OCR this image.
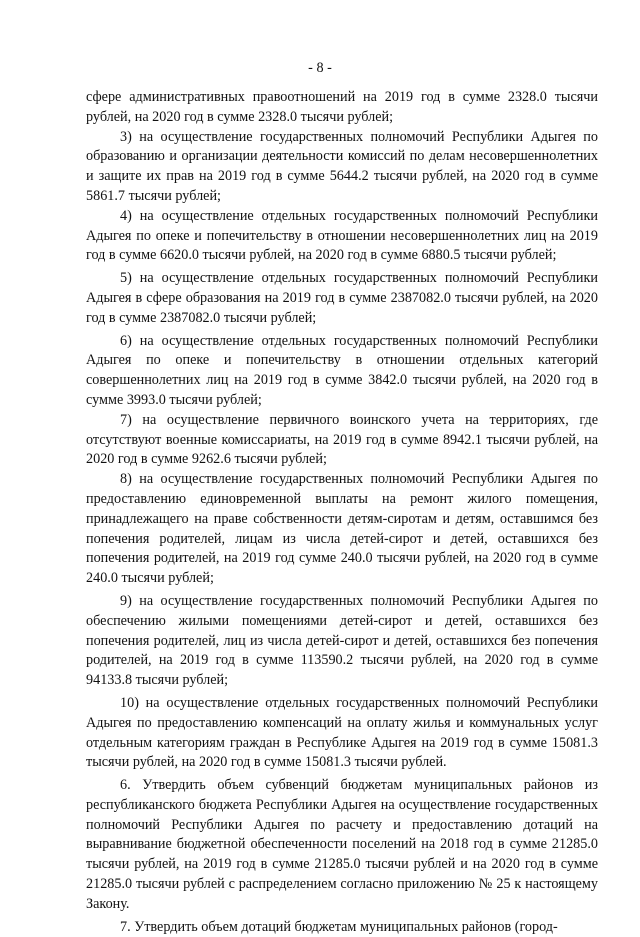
- 8 -

сфере административных правоотношений на 2019 год в сумме 2328.0 тысячи рублей, на 2020 год в сумме 2328.0 тысячи рублей;

3) на осуществление государственных полномочий Республики Адыгея по образованию и организации деятельности комиссий по делам несовершеннолетних и защите их прав на 2019 год в сумме 5644.2 тысячи рублей, на 2020 год в сумме 5861.7 тысячи рублей;

4) на осуществление отдельных государственных полномочий Республики Адыгея по опеке и попечительству в отношении несовершеннолетних лиц на 2019 год в сумме 6620.0 тысячи рублей, на 2020 год в сумме 6880.5 тысячи рублей;

5) на осуществление отдельных государственных полномочий Республики Адыгея в сфере образования на 2019 год в сумме 2387082.0 тысячи рублей, на 2020 год в сумме 2387082.0 тысячи рублей;

6) на осуществление отдельных государственных полномочий Республики Адыгея по опеке и попечительству в отношении отдельных категорий совершеннолетних лиц на 2019 год в сумме 3842.0 тысячи рублей, на 2020 год в сумме 3993.0 тысячи рублей;

7) на осуществление первичного воинского учета на территориях, где отсутствуют военные комиссариаты, на 2019 год в сумме 8942.1 тысячи рублей, на 2020 год в сумме 9262.6 тысячи рублей;

8) на осуществление государственных полномочий Республики Адыгея по предоставлению единовременной выплаты на ремонт жилого помещения, принадлежащего на праве собственности детям-сиротам и детям, оставшимся без попечения родителей, лицам из числа детей-сирот и детей, оставшихся без попечения родителей, на 2019 год сумме 240.0 тысячи рублей, на 2020 год в сумме 240.0 тысячи рублей;

9) на осуществление государственных полномочий Республики Адыгея по обеспечению жилыми помещениями детей-сирот и детей, оставшихся без попечения родителей, лиц из числа детей-сирот и детей, оставшихся без попечения родителей, на 2019 год в сумме 113590.2 тысячи рублей, на 2020 год в сумме 94133.8 тысячи рублей;

10) на осуществление отдельных государственных полномочий Республики Адыгея по предоставлению компенсаций на оплату жилья и коммунальных услуг отдельным категориям граждан в Республике Адыгея на 2019 год в сумме 15081.3 тысячи рублей, на 2020 год в сумме 15081.3 тысячи рублей.

6. Утвердить объем субвенций бюджетам муниципальных районов из республиканского бюджета Республики Адыгея на осуществление государственных полномочий Республики Адыгея по расчету и предоставлению дотаций на выравнивание бюджетной обеспеченности поселений на 2018 год в сумме 21285.0 тысячи рублей, на 2019 год в сумме 21285.0 тысячи рублей и на 2020 год в сумме 21285.0 тысячи рублей с распределением согласно приложению № 25 к настоящему Закону.

7. Утвердить объем дотаций бюджетам муниципальных районов (город-
